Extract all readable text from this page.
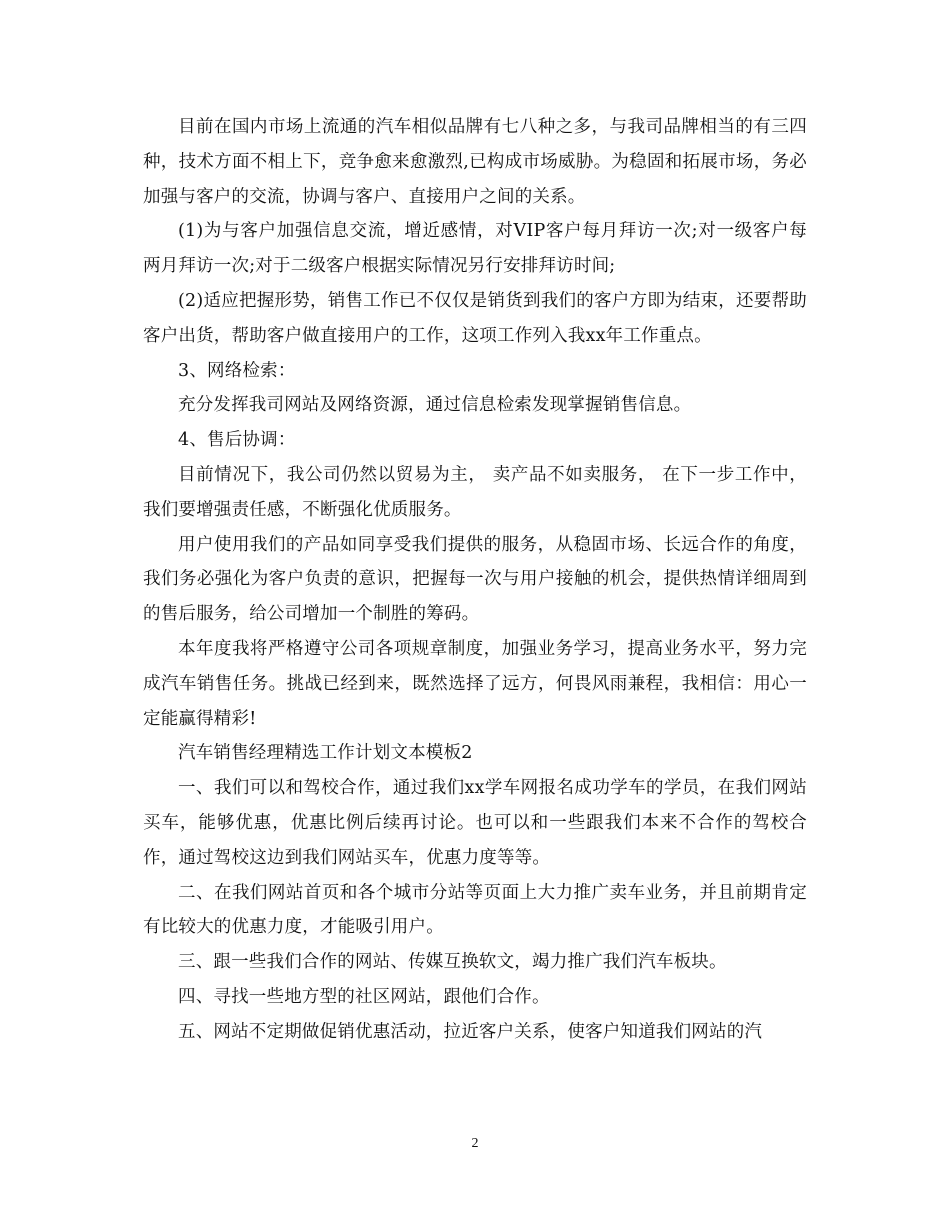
目前在国内市场上流通的汽车相似品牌有七八种之多，与我司品牌相当的有三四种，技术方面不相上下，竞争愈来愈激烈,已构成市场威胁。为稳固和拓展市场，务必加强与客户的交流，协调与客户、直接用户之间的关系。

(1)为与客户加强信息交流，增近感情，对VIP客户每月拜访一次;对一级客户每两月拜访一次;对于二级客户根据实际情况另行安排拜访时间;

(2)适应把握形势，销售工作已不仅仅是销货到我们的客户方即为结束，还要帮助客户出货，帮助客户做直接用户的工作，这项工作列入我xx年工作重点。

3、网络检索：

充分发挥我司网站及网络资源，通过信息检索发现掌握销售信息。

4、售后协调：

目前情况下，我公司仍然以贸易为主， 卖产品不如卖服务， 在下一步工作中，我们要增强责任感，不断强化优质服务。

用户使用我们的产品如同享受我们提供的服务，从稳固市场、长远合作的角度，我们务必强化为客户负责的意识，把握每一次与用户接触的机会，提供热情详细周到的售后服务，给公司增加一个制胜的筹码。

本年度我将严格遵守公司各项规章制度，加强业务学习，提高业务水平，努力完成汽车销售任务。挑战已经到来，既然选择了远方，何畏风雨兼程，我相信：用心一定能赢得精彩!

汽车销售经理精选工作计划文本模板2

一、我们可以和驾校合作，通过我们xx学车网报名成功学车的学员，在我们网站买车，能够优惠，优惠比例后续再讨论。也可以和一些跟我们本来不合作的驾校合作，通过驾校这边到我们网站买车，优惠力度等等。

二、在我们网站首页和各个城市分站等页面上大力推广卖车业务，并且前期肯定有比较大的优惠力度，才能吸引用户。

三、跟一些我们合作的网站、传媒互换软文，竭力推广我们汽车板块。

四、寻找一些地方型的社区网站，跟他们合作。

五、网站不定期做促销优惠活动，拉近客户关系，使客户知道我们网站的汽

2
